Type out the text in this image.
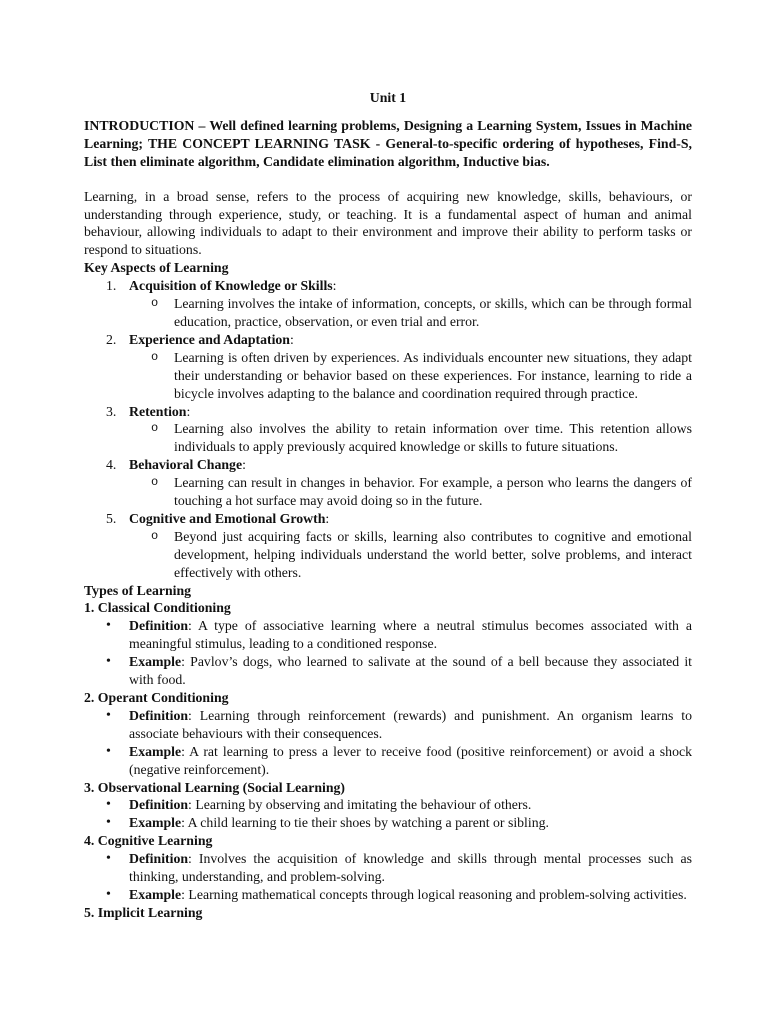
Unit 1

INTRODUCTION – Well defined learning problems, Designing a Learning System, Issues in Machine Learning; THE CONCEPT LEARNING TASK - General-to-specific ordering of hypotheses, Find-S, List then eliminate algorithm, Candidate elimination algorithm, Inductive bias.

Learning, in a broad sense, refers to the process of acquiring new knowledge, skills, behaviours, or understanding through experience, study, or teaching. It is a fundamental aspect of human and animal behaviour, allowing individuals to adapt to their environment and improve their ability to perform tasks or respond to situations.

Key Aspects of Learning
1. Acquisition of Knowledge or Skills:
o Learning involves the intake of information, concepts, or skills, which can be through formal education, practice, observation, or even trial and error.
2. Experience and Adaptation:
o Learning is often driven by experiences. As individuals encounter new situations, they adapt their understanding or behavior based on these experiences. For instance, learning to ride a bicycle involves adapting to the balance and coordination required through practice.
3. Retention:
o Learning also involves the ability to retain information over time. This retention allows individuals to apply previously acquired knowledge or skills to future situations.
4. Behavioral Change:
o Learning can result in changes in behavior. For example, a person who learns the dangers of touching a hot surface may avoid doing so in the future.
5. Cognitive and Emotional Growth:
o Beyond just acquiring facts or skills, learning also contributes to cognitive and emotional development, helping individuals understand the world better, solve problems, and interact effectively with others.
Types of Learning
1. Classical Conditioning
• Definition: A type of associative learning where a neutral stimulus becomes associated with a meaningful stimulus, leading to a conditioned response.
• Example: Pavlov’s dogs, who learned to salivate at the sound of a bell because they associated it with food.
2. Operant Conditioning
• Definition: Learning through reinforcement (rewards) and punishment. An organism learns to associate behaviours with their consequences.
• Example: A rat learning to press a lever to receive food (positive reinforcement) or avoid a shock (negative reinforcement).
3. Observational Learning (Social Learning)
• Definition: Learning by observing and imitating the behaviour of others.
• Example: A child learning to tie their shoes by watching a parent or sibling.
4. Cognitive Learning
• Definition: Involves the acquisition of knowledge and skills through mental processes such as thinking, understanding, and problem-solving.
• Example: Learning mathematical concepts through logical reasoning and problem-solving activities.
5. Implicit Learning
